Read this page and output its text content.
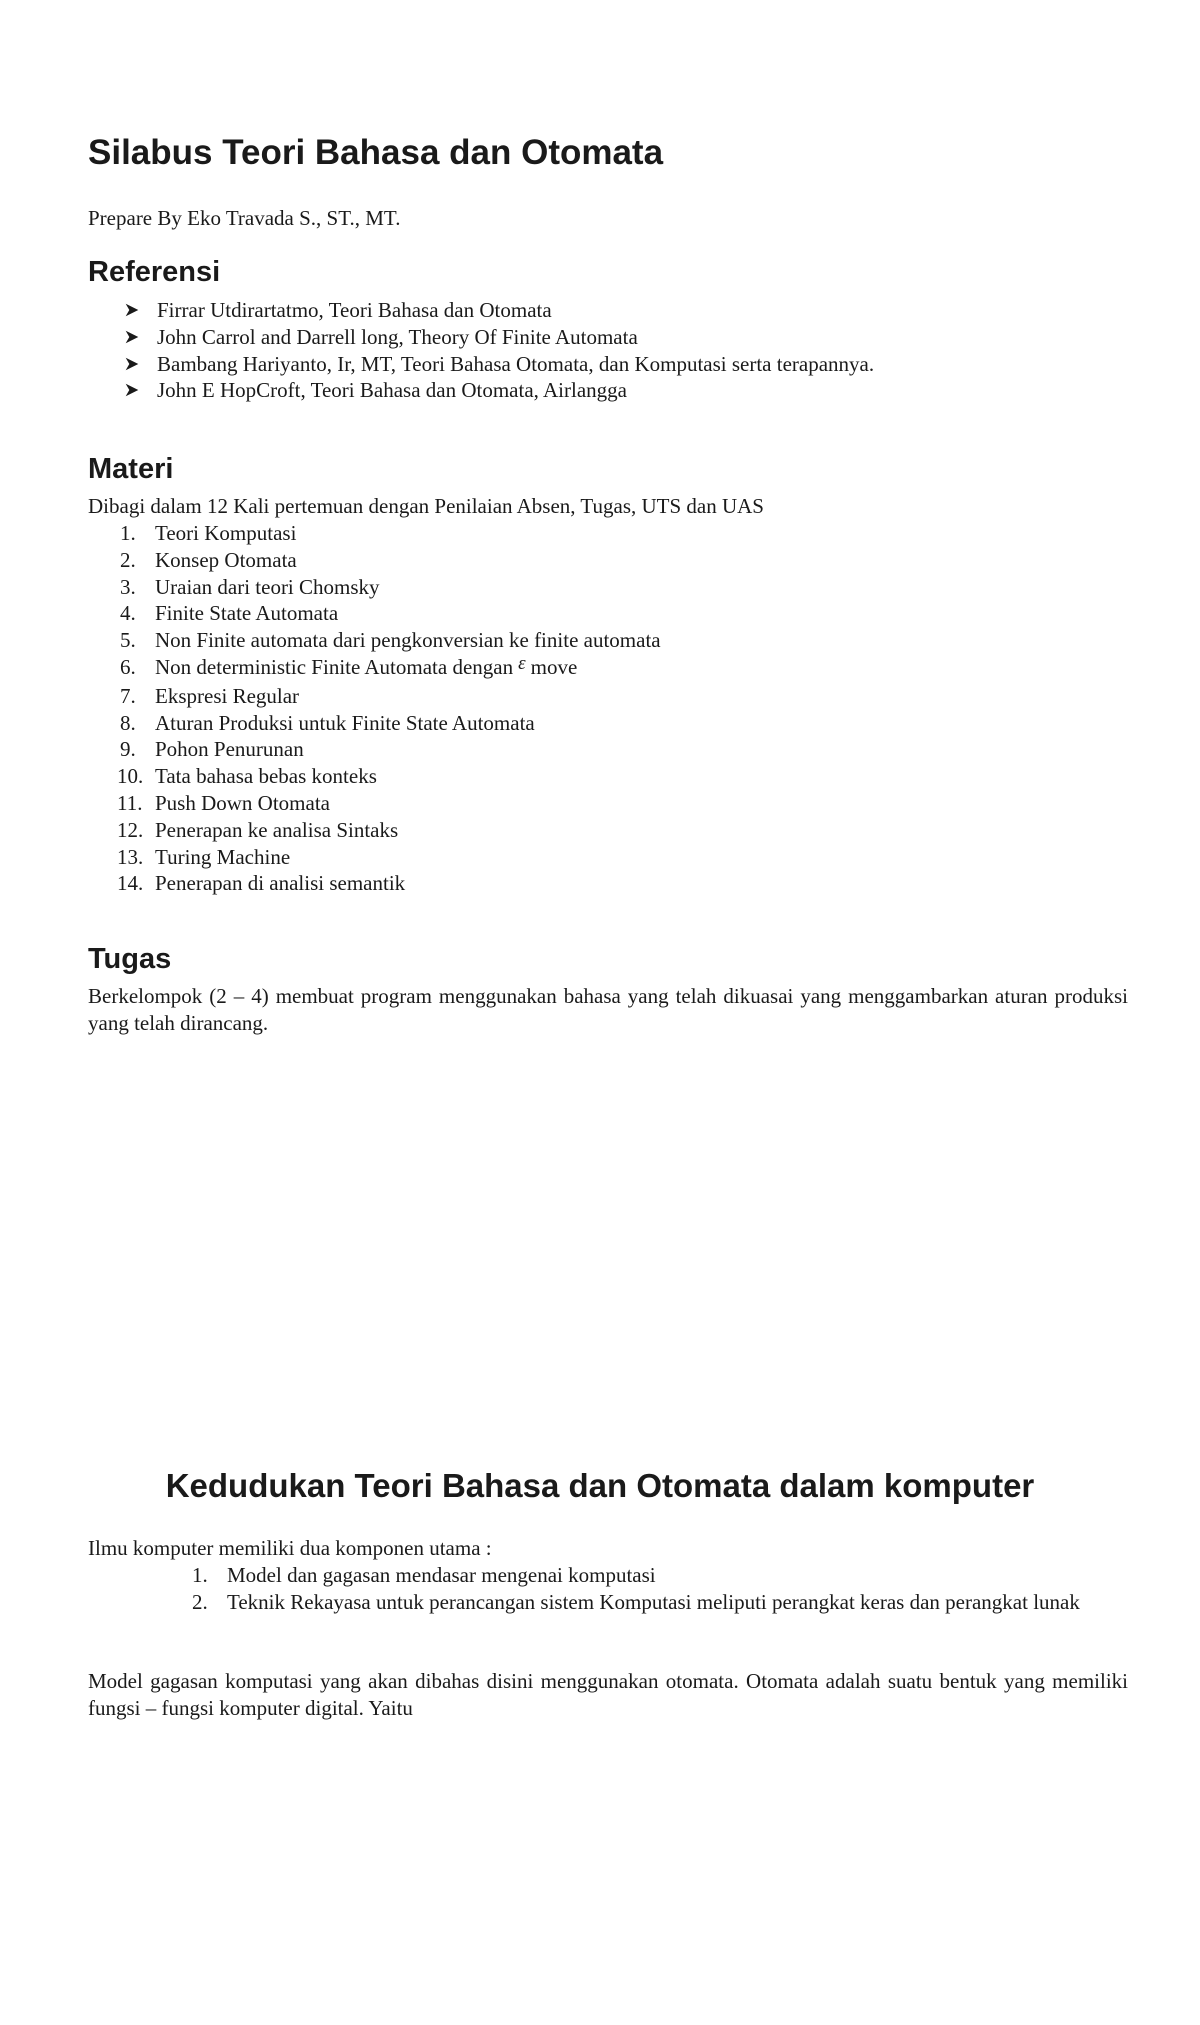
Silabus Teori Bahasa dan Otomata

Prepare By Eko Travada S., ST., MT.

Referensi
Firrar Utdirartatmo, Teori Bahasa dan Otomata
John Carrol and Darrell long, Theory Of Finite Automata
Bambang Hariyanto, Ir, MT, Teori Bahasa Otomata, dan Komputasi serta terapannya.
John E HopCroft, Teori Bahasa dan Otomata, Airlangga
Materi

Dibagi dalam 12 Kali pertemuan dengan Penilaian Absen, Tugas, UTS dan UAS

1. Teori Komputasi
2. Konsep Otomata
3. Uraian dari teori Chomsky
4. Finite State Automata
5. Non Finite automata dari pengkonversian ke finite automata
6. Non deterministic Finite Automata dengan ε move
7. Ekspresi Regular
8. Aturan Produksi untuk Finite State Automata
9. Pohon Penurunan
10. Tata bahasa bebas konteks
11. Push Down Otomata
12. Penerapan ke analisa Sintaks
13. Turing Machine
14. Penerapan di analisi semantik
Tugas

Berkelompok (2 – 4) membuat program menggunakan bahasa yang telah dikuasai yang menggambarkan aturan produksi yang telah dirancang.

Kedudukan Teori Bahasa dan Otomata dalam komputer

Ilmu komputer memiliki dua komponen utama :

1. Model dan gagasan mendasar mengenai komputasi
2. Teknik Rekayasa untuk perancangan sistem Komputasi meliputi perangkat keras dan perangkat lunak

Model gagasan komputasi yang akan dibahas disini menggunakan otomata. Otomata adalah suatu bentuk yang memiliki fungsi – fungsi komputer digital. Yaitu
